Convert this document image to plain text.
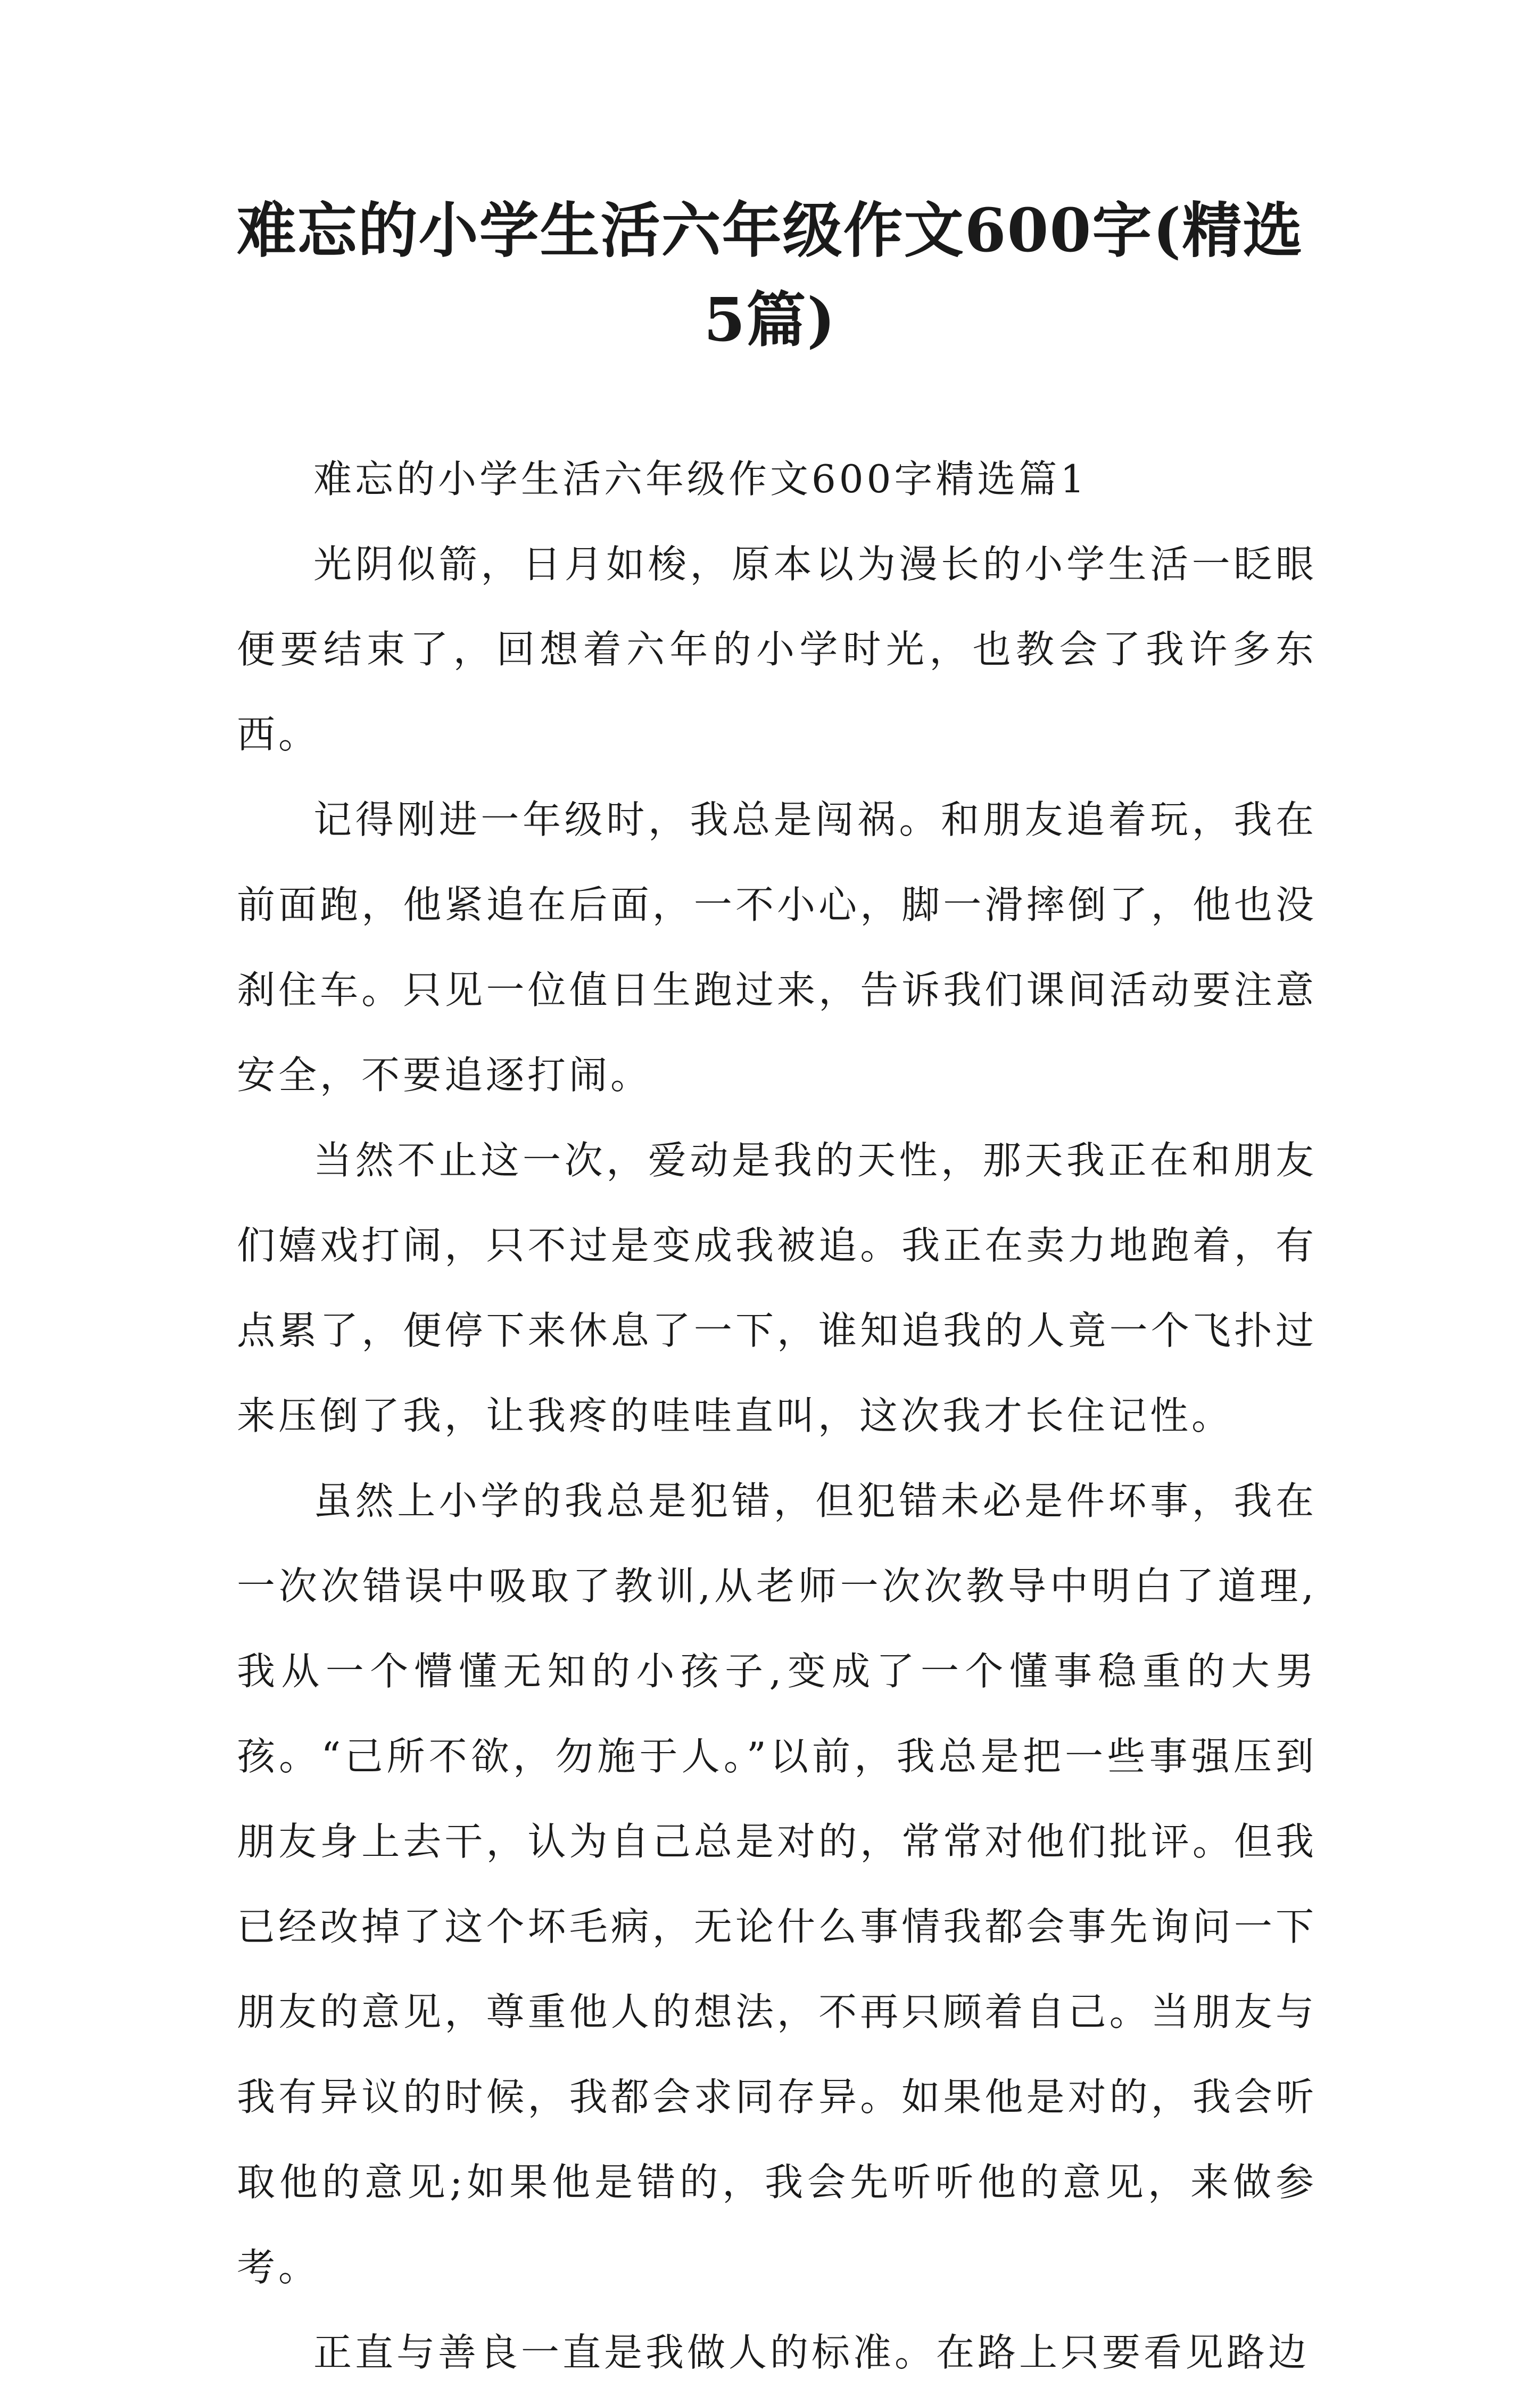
难忘的小学生活六年级作文600字(精选5篇)

难忘的小学生活六年级作文600字精选篇1

光阴似箭，日月如梭，原本以为漫长的小学生活一眨眼便要结束了，回想着六年的小学时光，也教会了我许多东西。

记得刚进一年级时，我总是闯祸。和朋友追着玩，我在前面跑，他紧追在后面，一不小心，脚一滑摔倒了，他也没刹住车。只见一位值日生跑过来，告诉我们课间活动要注意安全，不要追逐打闹。

当然不止这一次，爱动是我的天性，那天我正在和朋友们嬉戏打闹，只不过是变成我被追。我正在卖力地跑着，有点累了，便停下来休息了一下，谁知追我的人竟一个飞扑过来压倒了我，让我疼的哇哇直叫，这次我才长住记性。

虽然上小学的我总是犯错，但犯错未必是件坏事，我在一次次错误中吸取了教训,从老师一次次教导中明白了道理,我从一个懵懂无知的小孩子,变成了一个懂事稳重的大男孩。“己所不欲，勿施于人。”以前，我总是把一些事强压到朋友身上去干，认为自己总是对的，常常对他们批评。但我已经改掉了这个坏毛病，无论什么事情我都会事先询问一下朋友的意见，尊重他人的想法，不再只顾着自己。当朋友与我有异议的时候，我都会求同存异。如果他是对的，我会听取他的意见;如果他是错的，我会先听听他的意见，来做参考。

正直与善良一直是我做人的标准。在路上只要看见路边
